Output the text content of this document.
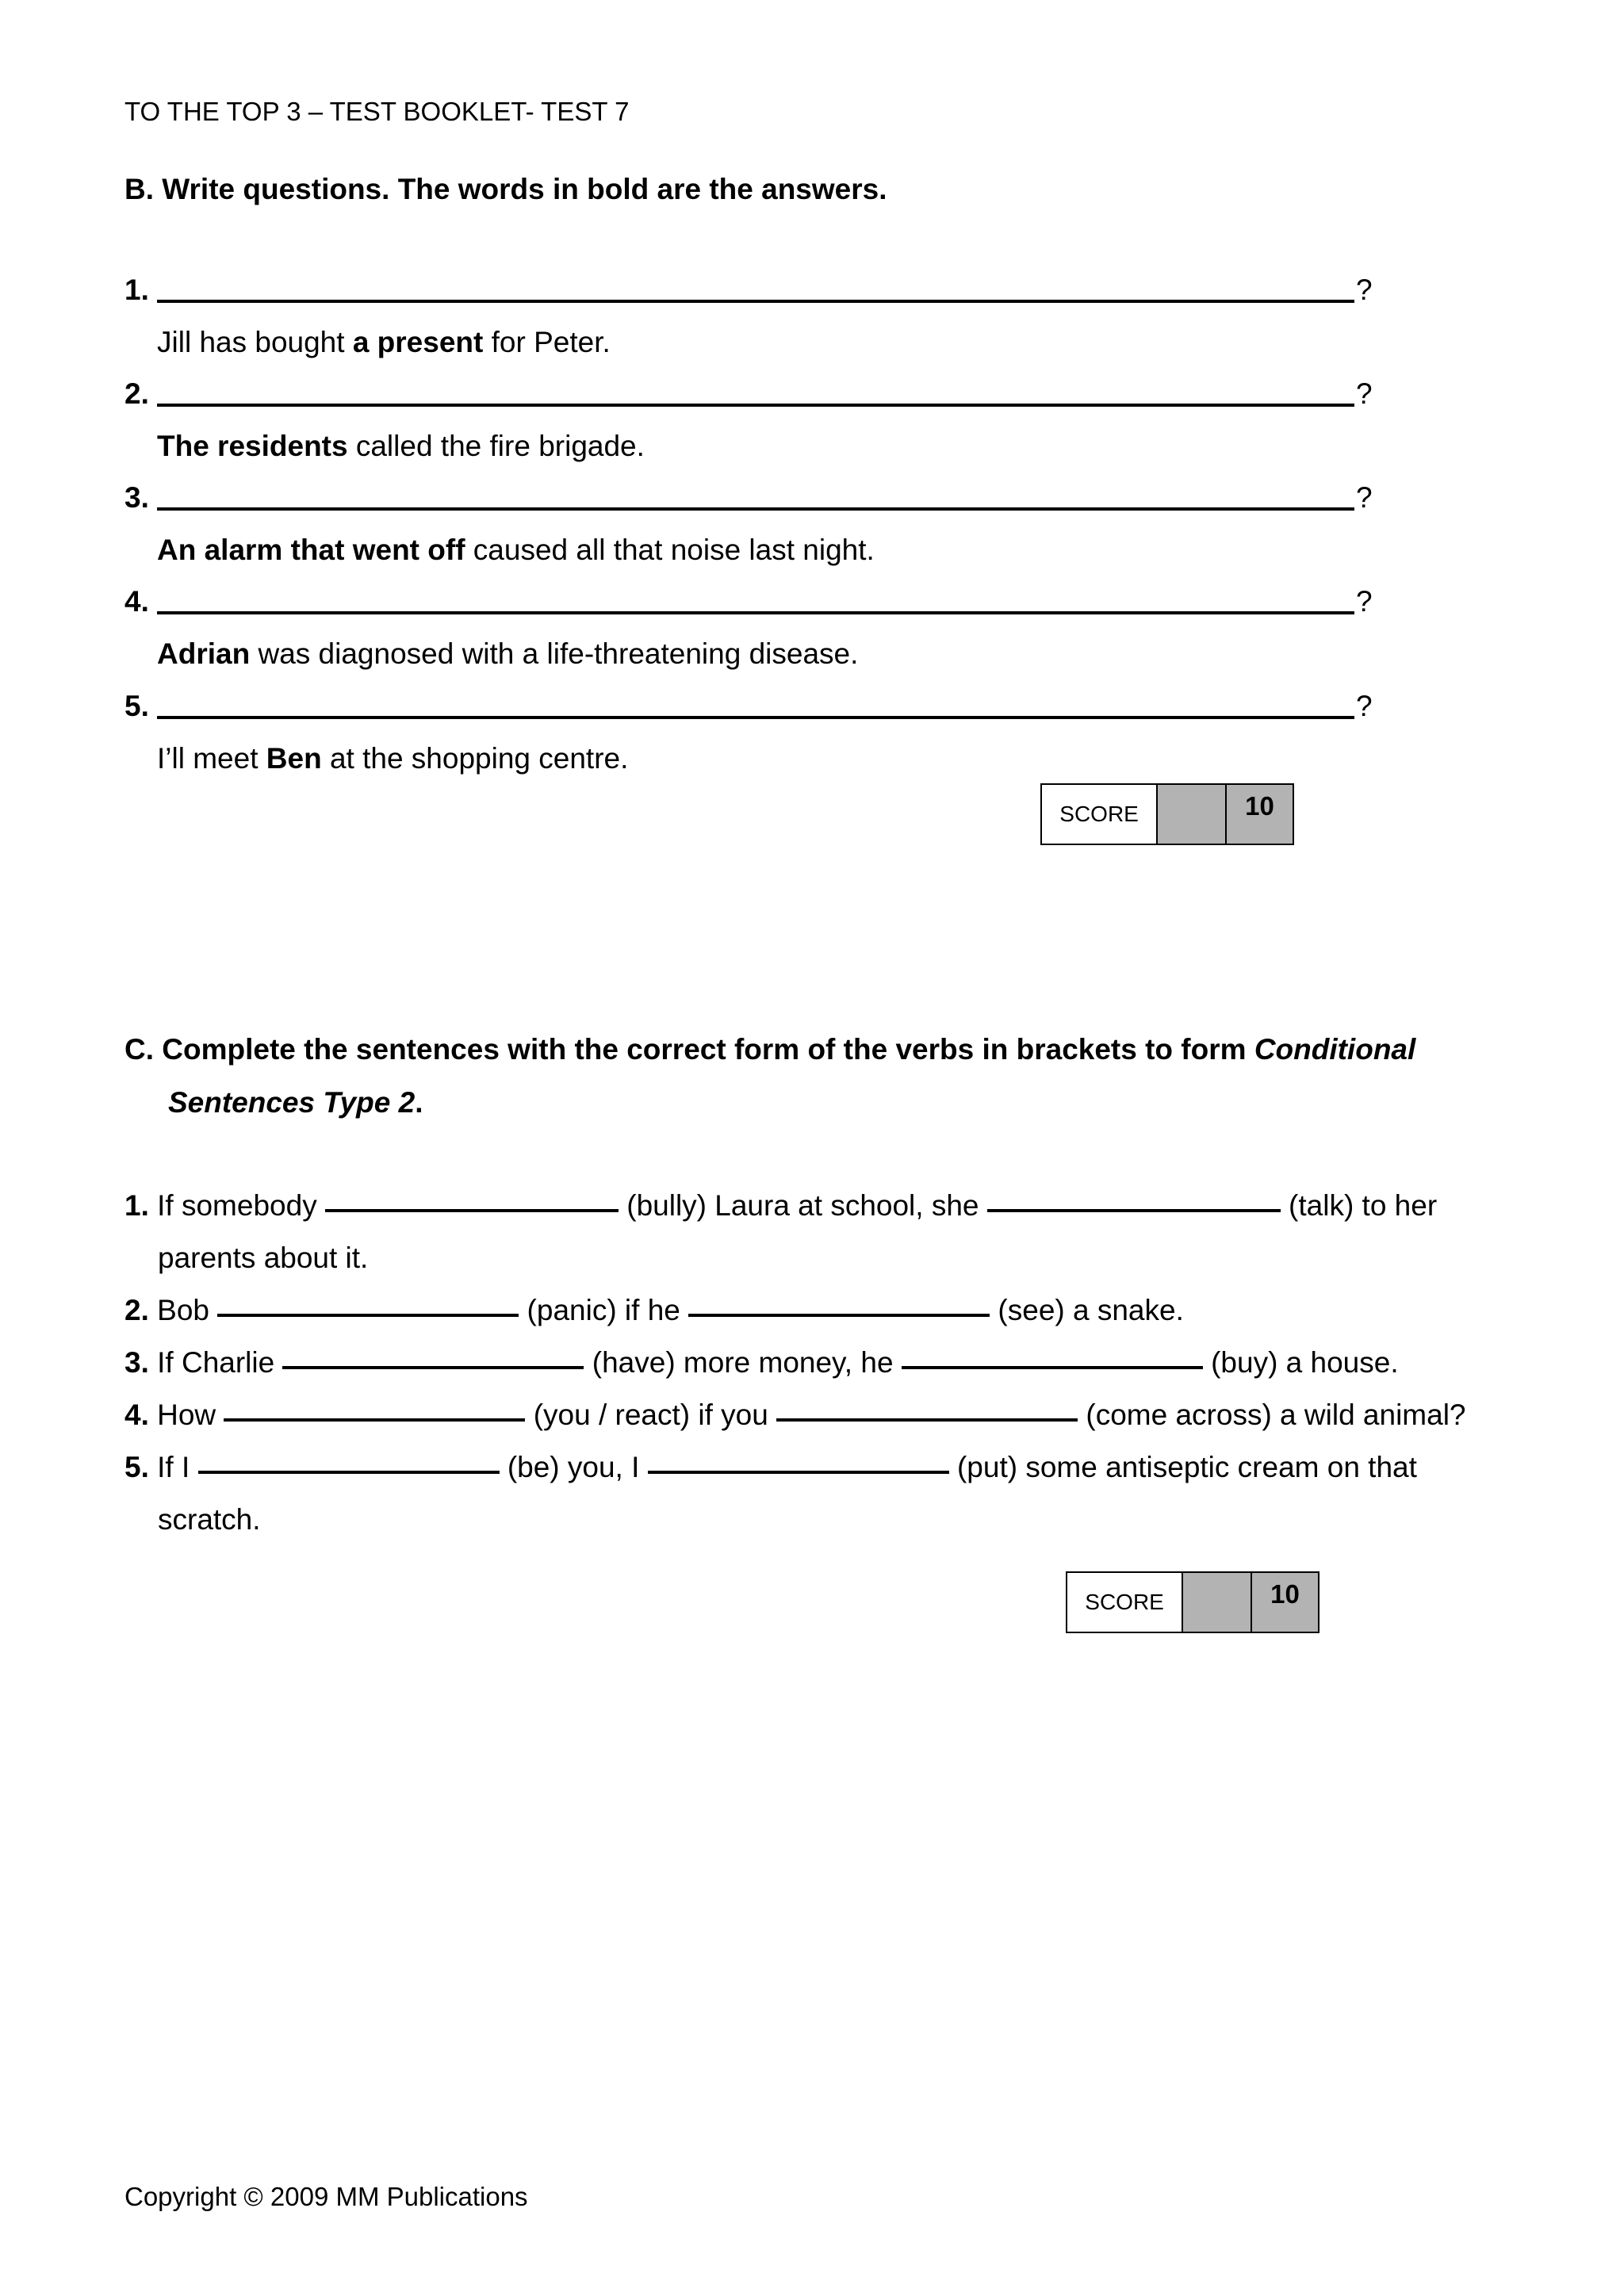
TO THE TOP 3 – TEST BOOKLET- TEST 7
B. Write questions. The words in bold are the answers.
1.	?
Jill has bought a present for Peter.
2.	?
The residents called the fire brigade.
3.	?
An alarm that went off caused all that noise last night.
4.	?
Adrian was diagnosed with a life-threatening disease.
5.	?
I’ll meet Ben at the shopping centre.
SCORE	10
C. Complete the sentences with the correct form of the verbs in brackets to form Conditional
Sentences Type 2.
1. If somebody	(bully) Laura at school, she	(talk) to her
parents about it.
2. Bob	(panic) if he	(see) a snake.
3. If Charlie	(have) more money, he	(buy) a house.
4. How	(you / react) if you	(come across) a wild animal?
5. If I	(be) you, I	(put) some antiseptic cream on that
scratch.
SCORE	10
Copyright © 2009 MM Publications
